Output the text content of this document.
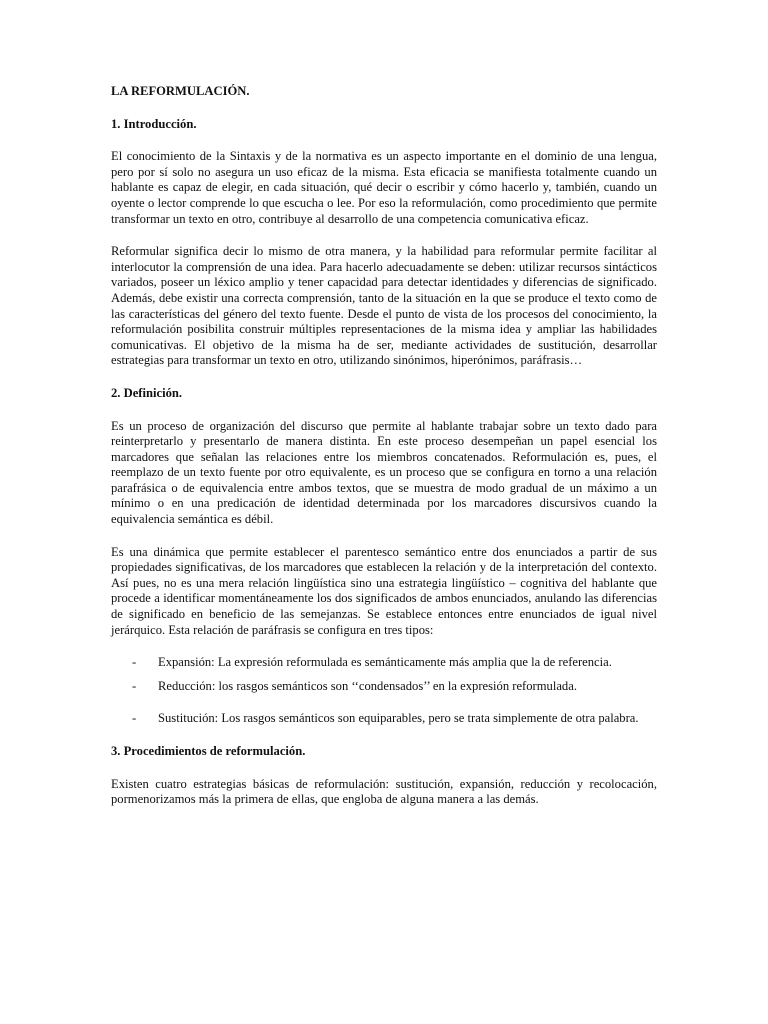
LA REFORMULACIÓN.
1. Introducción.

El conocimiento de la Sintaxis y de la normativa es un aspecto importante en el dominio de una lengua, pero por sí solo no asegura un uso eficaz de la misma. Esta eficacia se manifiesta totalmente cuando un hablante es capaz de elegir, en cada situación, qué decir o escribir y cómo hacerlo y, también, cuando un oyente o lector comprende lo que escucha o lee. Por eso la reformulación, como procedimiento que permite transformar un texto en otro, contribuye al desarrollo de una competencia comunicativa eficaz.

Reformular significa decir lo mismo de otra manera, y la habilidad para reformular permite facilitar al interlocutor la comprensión de una idea. Para hacerlo adecuadamente se deben: utilizar recursos sintácticos variados, poseer un léxico amplio y tener capacidad para detectar identidades y diferencias de significado. Además, debe existir una correcta comprensión, tanto de la situación en la que se produce el texto como de las características del género del texto fuente. Desde el punto de vista de los procesos del conocimiento, la reformulación posibilita construir múltiples representaciones de la misma idea y ampliar las habilidades comunicativas. El objetivo de la misma ha de ser, mediante actividades de sustitución, desarrollar estrategias para transformar un texto en otro, utilizando sinónimos, hiperónimos, paráfrasis…

2. Definición.

Es un proceso de organización del discurso que permite al hablante trabajar sobre un texto dado para reinterpretarlo y presentarlo de manera distinta. En este proceso desempeñan un papel esencial los marcadores que señalan las relaciones entre los miembros concatenados. Reformulación es, pues, el reemplazo de un texto fuente por otro equivalente, es un proceso que se configura en torno a una relación parafrásica o de equivalencia entre ambos textos, que se muestra de modo gradual de un máximo a un mínimo o en una predicación de identidad determinada por los marcadores discursivos cuando la equivalencia semántica es débil.

Es una dinámica que permite establecer el parentesco semántico entre dos enunciados a partir de sus propiedades significativas, de los marcadores que establecen la relación y de la interpretación del contexto. Así pues, no es una mera relación lingüística sino una estrategia lingüístico – cognitiva del hablante que procede a identificar momentáneamente los dos significados de ambos enunciados, anulando las diferencias de significado en beneficio de las semejanzas. Se establece entonces entre enunciados de igual nivel jerárquico. Esta relación de paráfrasis se configura en tres tipos:

-	Expansión: La expresión reformulada es semánticamente más amplia que la de referencia.
-	Reducción: los rasgos semánticos son ‘‘condensados’’ en la expresión reformulada.
-	Sustitución: Los rasgos semánticos son equiparables, pero se trata simplemente de otra palabra.
3. Procedimientos de reformulación.

Existen cuatro estrategias básicas de reformulación: sustitución, expansión, reducción y recolocación, pormenorizamos más la primera de ellas, que engloba de alguna manera a las demás.
